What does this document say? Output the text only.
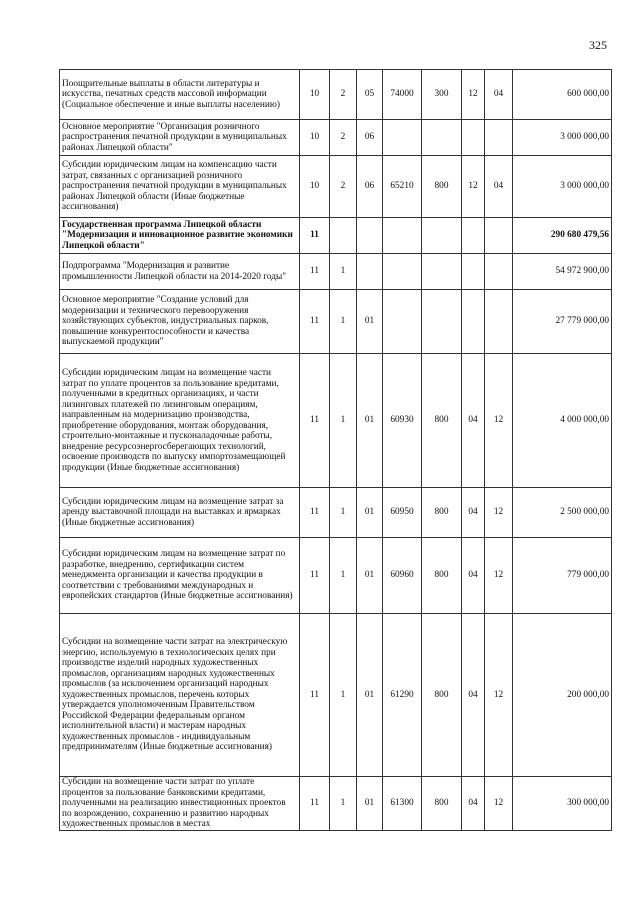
325
Поощрительные выплаты в области литературы и искусства, печатных средств массовой информации (Социальное обеспечение и иные выплаты населению)	10	2	05	74000	300	12	04	600 000,00
Основное мероприятие "Организация розничного распространения печатной продукции в муниципальных районах Липецкой области"	10	2	06					3 000 000,00
Субсидии юридическим лицам на компенсацию части затрат, связанных с организацией розничного распространения печатной продукции в муниципальных районах Липецкой области (Иные бюджетные ассигнования)	10	2	06	65210	800	12	04	3 000 000,00
Государственная программа Липецкой области "Модернизация и инновационное развитие экономики Липецкой области"	11							290 680 479,56
Подпрограмма "Модернизация и развитие промышленности Липецкой области на 2014-2020 годы"	11	1						54 972 900,00
Основное мероприятие "Создание условий для модернизации и технического перевооружения хозяйствующих субъектов, индустриальных парков, повышение конкурентоспособности и качества выпускаемой продукции"	11	1	01					27 779 000,00
Субсидии юридическим лицам на возмещение части затрат по уплате процентов за пользование кредитами, полученными в кредитных организациях, и части лизинговых платежей по лизинговым операциям, направленным на модернизацию производства, приобретение оборудования, монтаж оборудования, строительно-монтажные и пусконаладочные работы, внедрение ресурсоэнергосберегающих технологий, освоение производств по выпуску импортозамещающей продукции (Иные бюджетные ассигнования)	11	1	01	60930	800	04	12	4 000 000,00
Субсидии юридическим лицам на возмещение затрат за аренду выставочной площади на выставках и ярмарках (Иные бюджетные ассигнования)	11	1	01	60950	800	04	12	2 500 000,00
Субсидии юридическим лицам на возмещение затрат по разработке, внедрению, сертификации систем менеджмента организации и качества продукции в соответствии с требованиями международных и европейских стандартов (Иные бюджетные ассигнования)	11	1	01	60960	800	04	12	779 000,00
Субсидии на возмещение части затрат на электрическую энергию, используемую в технологических целях при производстве изделий народных художественных промыслов, организациям народных художественных промыслов (за исключением организаций народных художественных промыслов, перечень которых утверждается уполномоченным Правительством Российской Федерации федеральным органом исполнительной власти) и мастерам народных художественных промыслов - индивидуальным предпринимателям (Иные бюджетные ассигнования)	11	1	01	61290	800	04	12	200 000,00
Субсидии на возмещение части затрат по уплате процентов за пользование банковскими кредитами, полученными на реализацию инвестиционных проектов по возрождению, сохранению и развитию народных художественных промыслов в местах	11	1	01	61300	800	04	12	300 000,00
